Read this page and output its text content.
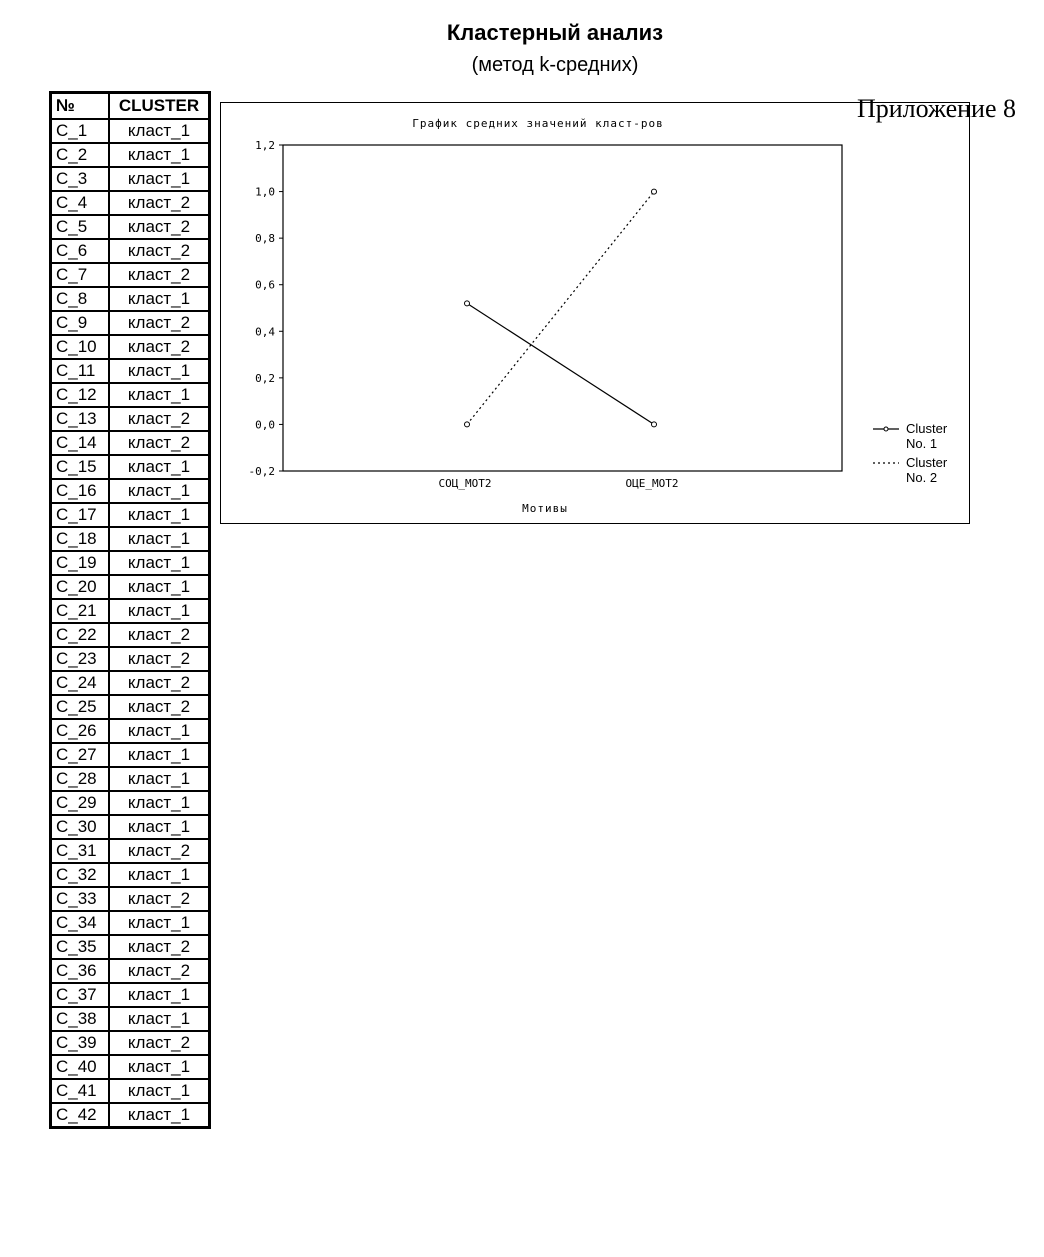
Кластерный анализ
(метод k-средних)
Приложение 8
№	CLUSTER
C_1	класт_1
C_2	класт_1
C_3	класт_1
C_4	класт_2
C_5	класт_2
C_6	класт_2
C_7	класт_2
C_8	класт_1
C_9	класт_2
C_10	класт_2
C_11	класт_1
C_12	класт_1
C_13	класт_2
C_14	класт_2
C_15	класт_1
C_16	класт_1
C_17	класт_1
C_18	класт_1
C_19	класт_1
C_20	класт_1
C_21	класт_1
C_22	класт_2
C_23	класт_2
C_24	класт_2
C_25	класт_2
C_26	класт_1
C_27	класт_1
C_28	класт_1
C_29	класт_1
C_30	класт_1
C_31	класт_2
C_32	класт_1
C_33	класт_2
C_34	класт_1
C_35	класт_2
C_36	класт_2
C_37	класт_1
C_38	класт_1
C_39	класт_2
C_40	класт_1
C_41	класт_1
C_42	класт_1
График средних значений класт-ров
1,2
1,0
0,8
0,6
0,4
0,2
0,0
-0,2
СОЦ_МОТ2	ОЦЕ_МОТ2
Мотивы
Cluster
No. 1
Cluster
No. 2
